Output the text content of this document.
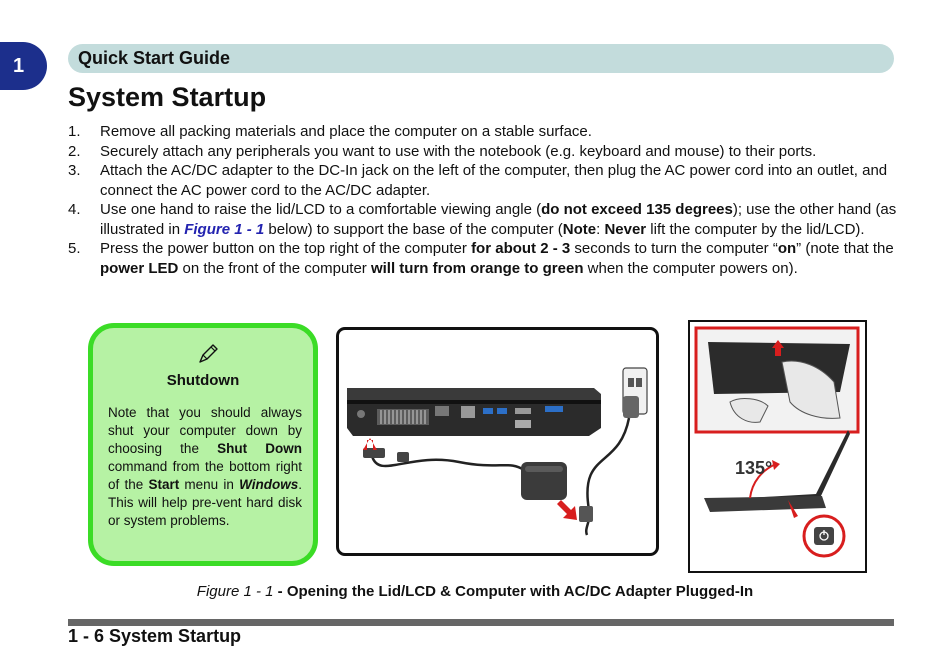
1	Quick Start Guide
System Startup
1. Remove all packing materials and place the computer on a stable surface.
2. Securely attach any peripherals you want to use with the notebook (e.g. keyboard and mouse) to their ports.
3. Attach the AC/DC adapter to the DC-In jack on the left of the computer, then plug the AC power cord into an outlet, and connect the AC power cord to the AC/DC adapter.
4. Use one hand to raise the lid/LCD to a comfortable viewing angle (do not exceed 135 degrees); use the other hand (as illustrated in Figure 1 - 1 below) to support the base of the computer (Note: Never lift the computer by the lid/LCD).
5. Press the power button on the top right of the computer for about 2 - 3 seconds to turn the computer “on” (note that the power LED on the front of the computer will turn from orange to green when the computer powers on).
Shutdown
Note that you should always shut your computer down by choosing the Shut Down command from the bottom right of the Start menu in Windows. This will help pre-vent hard disk or system problems.
135°
Figure 1 - 1 - Opening the Lid/LCD & Computer with AC/DC Adapter Plugged-In
1 - 6 System Startup
